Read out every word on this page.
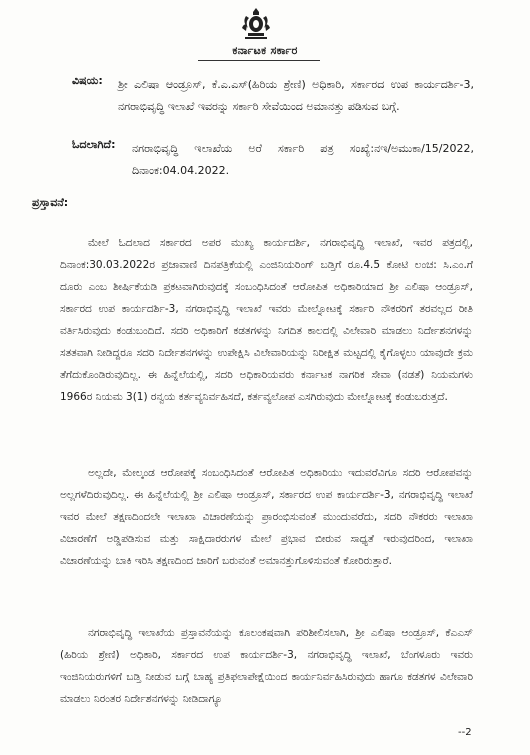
ಕರ್ನಾಟಕ ಸರ್ಕಾರ
ವಿಷಯ: ಶ್ರೀ ಎಲಿಷಾ ಆಂಡ್ರೂಸ್, ಕೆ.ಎ.ಎಸ್(ಹಿರಿಯ ಶ್ರೇಣಿ) ಅಧಿಕಾರಿ, ಸರ್ಕಾರದ ಉಪ ಕಾರ್ಯದರ್ಶಿ-3, ನಗರಾಭಿವೃದ್ಧಿ ಇಲಾಖೆ ಇವರನ್ನು ಸರ್ಕಾರಿ ಸೇವೆಯಿಂದ ಅಮಾನತ್ತು ಪಡಿಸುವ ಬಗ್ಗೆ.
ಓದಲಾಗಿದೆ: ನಗರಾಭಿವೃದ್ಧಿ ಇಲಾಖೆಯ ಅರೆ ಸರ್ಕಾರಿ ಪತ್ರ ಸಂಖ್ಯೆ:ನಇ/ಅಮುಕಾ/15/2022, ದಿನಾಂಕ:04.04.2022.
ಪ್ರಸ್ತಾವನೆ:
ಮೇಲೆ ಓದಲಾದ ಸರ್ಕಾರದ ಅಪರ ಮುಖ್ಯ ಕಾರ್ಯದರ್ಶಿ, ನಗರಾಭಿವೃದ್ಧಿ ಇಲಾಖೆ, ಇವರ ಪತ್ರದಲ್ಲಿ, ದಿನಾಂಕ:30.03.2022ರ ಪ್ರಜಾವಾಣಿ ದಿನಪತ್ರಿಕೆಯಲ್ಲಿ ಎಂಜಿನಿಯರಿಂಗ್ ಬಡ್ತಿಗೆ ರೂ.4.5 ಕೋಟಿ ಲಂಚ: ಸಿ.ಎಂ.ಗೆ ದೂರು ಎಂಬ ಶೀರ್ಷಿಕೆಯಡಿ ಪ್ರಕಟವಾಗಿರುವುದಕ್ಕೆ ಸಂಬಂಧಿಸಿದಂತೆ ಆರೋಪಿತ ಅಧಿಕಾರಿಯಾದ ಶ್ರೀ ಎಲಿಷಾ ಆಂಡ್ರೂಸ್, ಸರ್ಕಾರದ ಉಪ ಕಾರ್ಯದರ್ಶಿ-3, ನಗರಾಭಿವೃದ್ಧಿ ಇಲಾಖೆ ಇವರು ಮೇಲ್ನೋಟಕ್ಕೆ ಸರ್ಕಾರಿ ನೌಕರರಿಗೆ ತರವಲ್ಲದ ರೀತಿ ವರ್ತಿಸಿರುವುದು ಕಂಡುಬಂದಿದೆ. ಸದರಿ ಅಧಿಕಾರಿಗೆ ಕಡತಗಳನ್ನು ನಿಗದಿತ ಕಾಲದಲ್ಲಿ ವಿಲೇವಾರಿ ಮಾಡಲು ನಿರ್ದೇಶನಗಳನ್ನು ಸತತವಾಗಿ ನೀಡಿದ್ದರೂ ಸದರಿ ನಿರ್ದೇಶನಗಳನ್ನು ಉಪೇಕ್ಷಿಸಿ ವಿಲೇವಾರಿಯನ್ನು ನಿರೀಕ್ಷಿತ ಮಟ್ಟದಲ್ಲಿ ಕೈಗೊಳ್ಳಲು ಯಾವುದೇ ಕ್ರಮ ತೆಗೆದುಕೊಂಡಿರುವುದಿಲ್ಲ. ಈ ಹಿನ್ನೆಲೆಯಲ್ಲಿ, ಸದರಿ ಅಧಿಕಾರಿಯವರು ಕರ್ನಾಟಕ ನಾಗರಿಕ ಸೇವಾ (ನಡತೆ) ನಿಯಮಗಳು 1966ರ ನಿಯಮ 3(1) ರನ್ವಯ ಕರ್ತವ್ಯನಿರ್ವಹಿಸದೆ, ಕರ್ತವ್ಯಲೋಪ ಎಸಗಿರುವುದು ಮೇಲ್ನೋಟಕ್ಕೆ ಕಂಡುಬರುತ್ತದೆ.
ಅಲ್ಲದೇ, ಮೇಲ್ಕಂಡ ಆರೋಪಕ್ಕೆ ಸಂಬಂಧಿಸಿದಂತೆ ಆರೋಪಿತ ಅಧಿಕಾರಿಯು ಇದುವರೆವಿಗೂ ಸದರಿ ಆರೋಪವನ್ನು ಅಲ್ಲಗಳೆದಿರುವುದಿಲ್ಲ. ಈ ಹಿನ್ನೆಲೆಯಲ್ಲಿ ಶ್ರೀ ಎಲಿಷಾ ಆಂಡ್ರೂಸ್, ಸರ್ಕಾರದ ಉಪ ಕಾರ್ಯದರ್ಶಿ-3, ನಗರಾಭಿವೃದ್ಧಿ ಇಲಾಖೆ ಇವರ ಮೇಲೆ ತಕ್ಷಣದಿಂದಲೇ ಇಲಾಖಾ ವಿಚಾರಣೆಯನ್ನು ಪ್ರಾರಂಭಿಸುವಂತೆ ಮುಂದುವರೆದು, ಸದರಿ ನೌಕರರು ಇಲಾಖಾ ವಿಚಾರಣೆಗೆ ಅಡ್ಡಿಪಡಿಸುವ ಮತ್ತು ಸಾಕ್ಷಿದಾರರುಗಳ ಮೇಲೆ ಪ್ರಭಾವ ಬೀರುವ ಸಾಧ್ಯತೆ ಇರುವುದರಿಂದ, ಇಲಾಖಾ ವಿಚಾರಣೆಯನ್ನು ಬಾಕಿ ಇರಿಸಿ ತಕ್ಷಣದಿಂದ ಜಾರಿಗೆ ಬರುವಂತೆ ಅಮಾನತ್ತುಗೊಳಿಸುವಂತೆ ಕೋರಿರುತ್ತಾರೆ.
ನಗರಾಭಿವೃದ್ಧಿ ಇಲಾಖೆಯ ಪ್ರಸ್ತಾವನೆಯನ್ನು ಕೂಲಂಕಷವಾಗಿ ಪರಿಶೀಲಿಸಲಾಗಿ, ಶ್ರೀ ಎಲಿಷಾ ಆಂಡ್ರೂಸ್, ಕೆಎಎಸ್ (ಹಿರಿಯ ಶ್ರೇಣಿ) ಅಧಿಕಾರಿ, ಸರ್ಕಾರದ ಉಪ ಕಾರ್ಯದರ್ಶಿ-3, ನಗರಾಭಿವೃದ್ಧಿ ಇಲಾಖೆ, ಬೆಂಗಳೂರು ಇವರು ಇಂಜಿನಿಯರುಗಳಿಗೆ ಬಡ್ತಿ ನೀಡುವ ಬಗ್ಗೆ ಬಾಹ್ಯ ಪ್ರತಿಫಲಾಪೇಕ್ಷೆಯಿಂದ ಕಾರ್ಯನಿರ್ವಹಿಸಿರುವುದು ಹಾಗೂ ಕಡತಗಳ ವಿಲೇವಾರಿ ಮಾಡಲು ನಿರಂತರ ನಿರ್ದೇಶನಗಳನ್ನು ನೀಡಿದಾಗ್ಯೂ
--2
